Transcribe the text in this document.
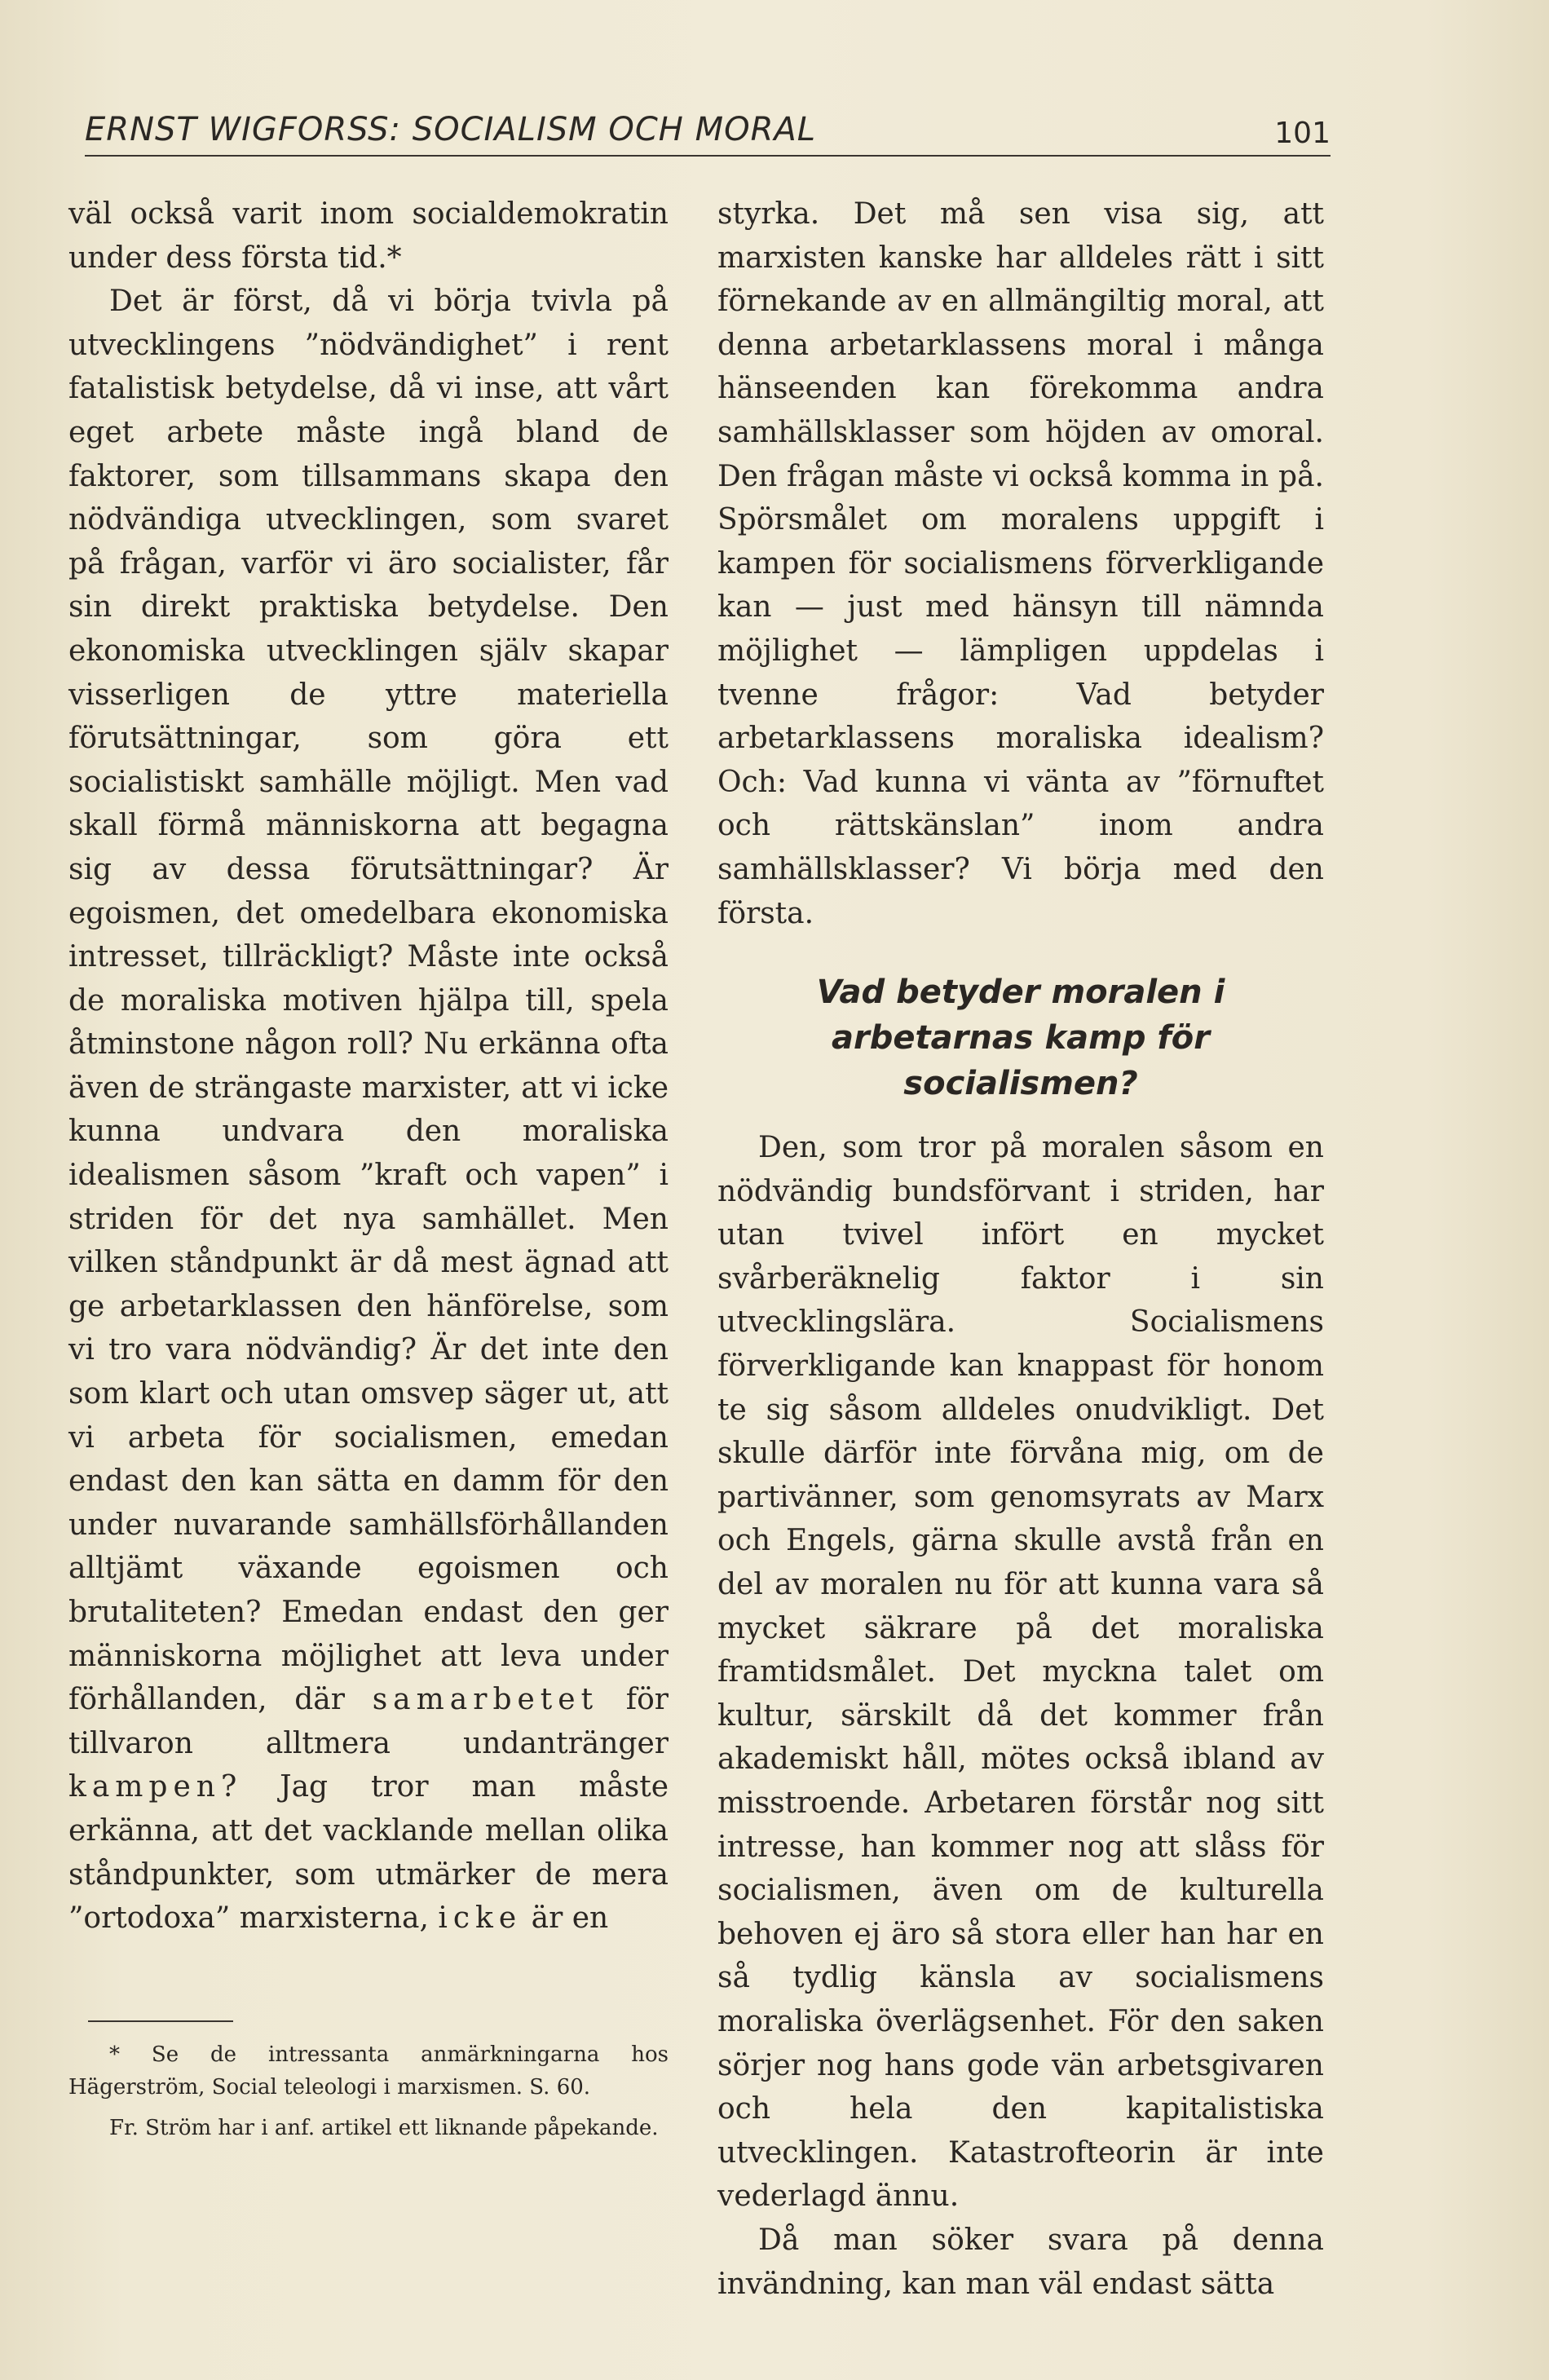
ERNST WIGFORSS: SOCIALISM OCH MORAL	101

väl också varit inom socialdemokratin under dess första tid.*

Det är först, då vi börja tvivla på utvecklingens ”nödvändighet” i rent fatalistisk betydelse, då vi inse, att vårt eget arbete måste ingå bland de faktorer, som tillsammans skapa den nödvändiga utvecklingen, som svaret på frågan, varför vi äro socialister, får sin direkt praktiska betydelse. Den ekonomiska utvecklingen själv skapar visserligen de yttre materiella förutsättningar, som göra ett socialistiskt samhälle möjligt. Men vad skall förmå människorna att begagna sig av dessa förutsättningar? Är egoismen, det omedelbara ekonomiska intresset, tillräckligt? Måste inte också de moraliska motiven hjälpa till, spela åtminstone någon roll? Nu erkänna ofta även de strängaste marxister, att vi icke kunna undvara den moraliska idealismen såsom ”kraft och vapen” i striden för det nya samhället. Men vilken ståndpunkt är då mest ägnad att ge arbetarklassen den hänförelse, som vi tro vara nödvändig? Är det inte den som klart och utan omsvep säger ut, att vi arbeta för socialismen, emedan endast den kan sätta en damm för den under nuvarande samhällsförhållanden alltjämt växande egoismen och brutaliteten? Emedan endast den ger människorna möjlighet att leva under förhållanden, där samarbetet för tillvaron alltmera undantränger kampen? Jag tror man måste erkänna, att det vacklande mellan olika ståndpunkter, som utmärker de mera ”ortodoxa” marxisterna, icke är en

* Se de intressanta anmärkningarna hos Hägerström, Social teleologi i marxismen. S. 60.

Fr. Ström har i anf. artikel ett liknande påpekande.

styrka. Det må sen visa sig, att marxisten kanske har alldeles rätt i sitt förnekande av en allmängiltig moral, att denna arbetarklassens moral i många hänseenden kan förekomma andra samhällsklasser som höjden av omoral. Den frågan måste vi också komma in på. Spörsmålet om moralens uppgift i kampen för socialismens förverkligande kan — just med hänsyn till nämnda möjlighet — lämpligen uppdelas i tvenne frågor: Vad betyder arbetarklassens moraliska idealism? Och: Vad kunna vi vänta av ”förnuftet och rättskänslan” inom andra samhällsklasser? Vi börja med den första.

Vad betyder moralen i arbetarnas kamp för socialismen?

Den, som tror på moralen såsom en nödvändig bundsförvant i striden, har utan tvivel infört en mycket svårberäknelig faktor i sin utvecklingslära. Socialismens förverkligande kan knappast för honom te sig såsom alldeles onudvikligt. Det skulle därför inte förvåna mig, om de partivänner, som genomsyrats av Marx och Engels, gärna skulle avstå från en del av moralen nu för att kunna vara så mycket säkrare på det moraliska framtidsmålet. Det myckna talet om kultur, särskilt då det kommer från akademiskt håll, mötes också ibland av misstroende. Arbetaren förstår nog sitt intresse, han kommer nog att slåss för socialismen, även om de kulturella behoven ej äro så stora eller han har en så tydlig känsla av socialismens moraliska överlägsenhet. För den saken sörjer nog hans gode vän arbetsgivaren och hela den kapitalistiska utvecklingen. Katastrofteorin är inte vederlagd ännu.

Då man söker svara på denna invändning, kan man väl endast sätta
